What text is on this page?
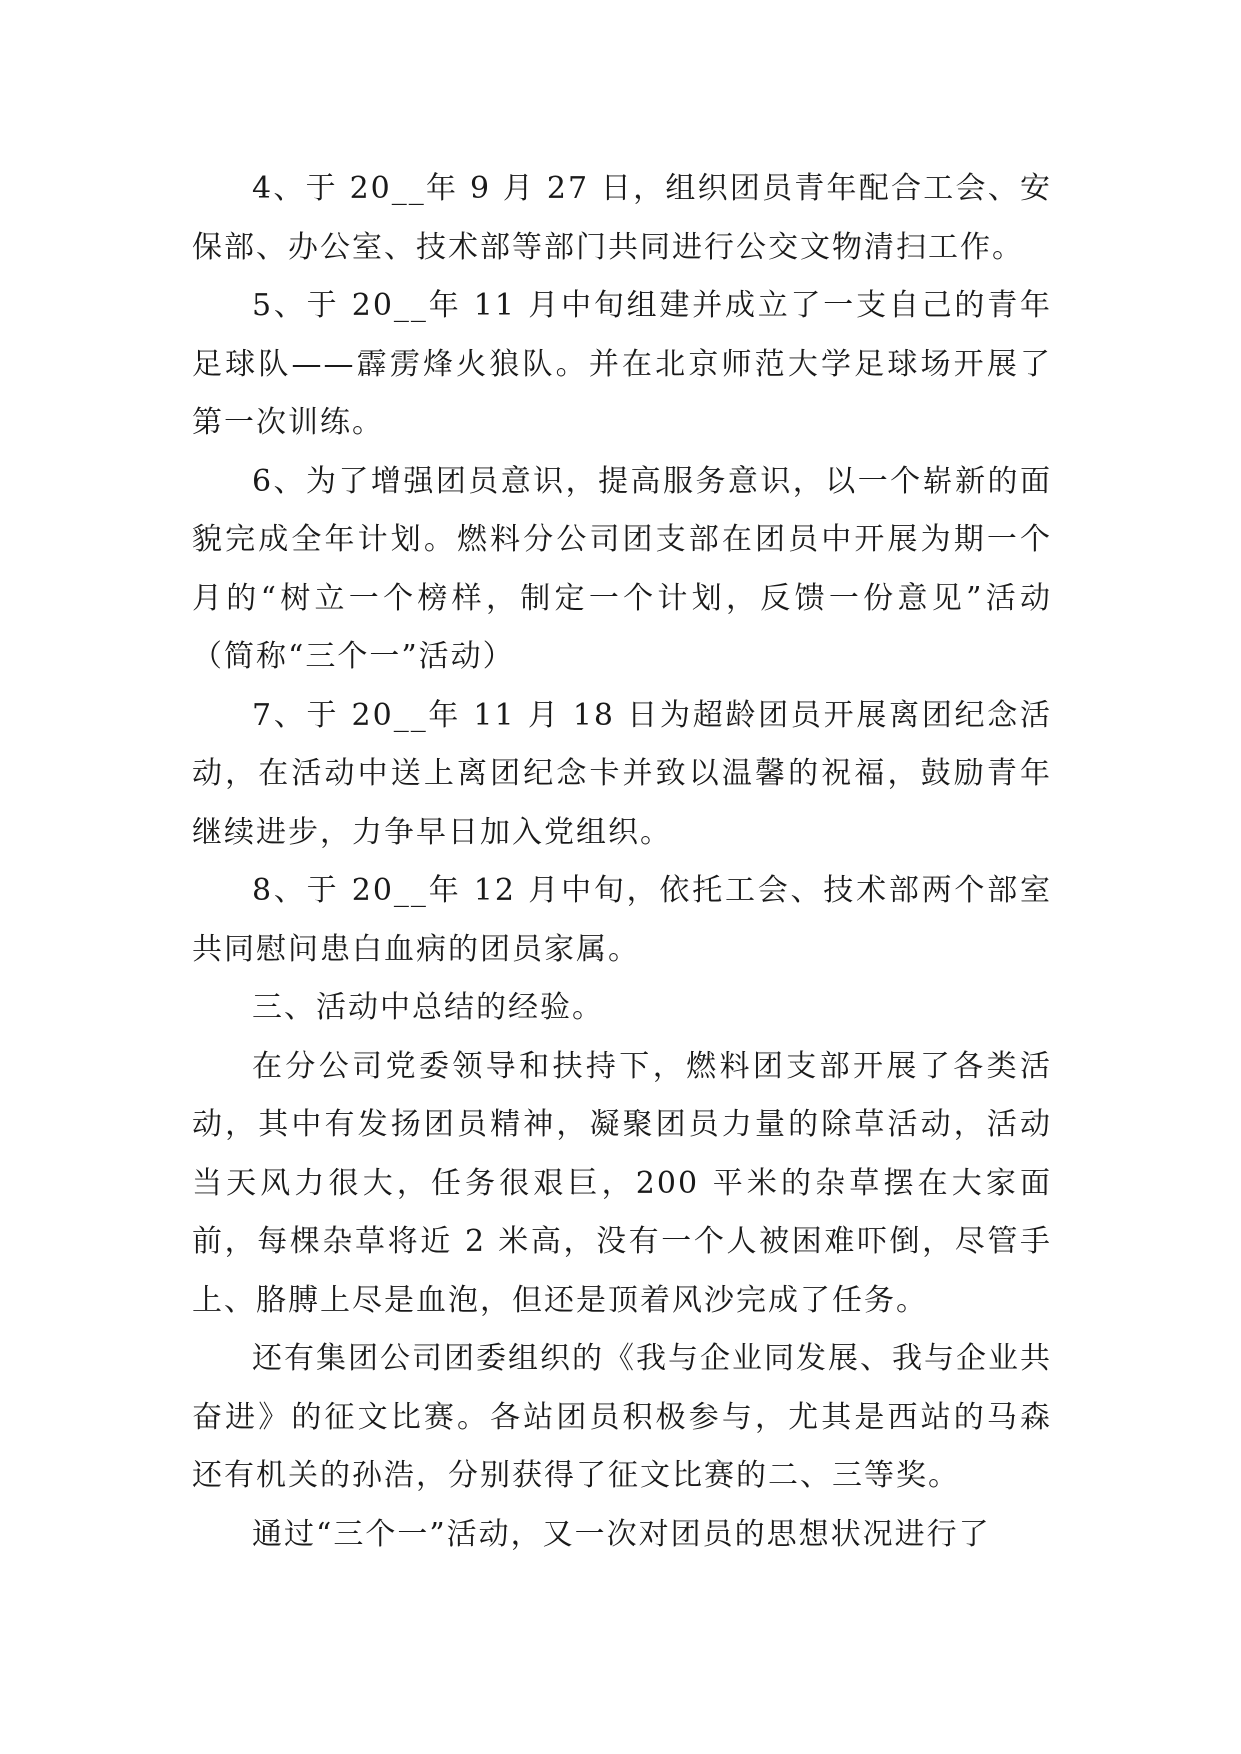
4、于 20__年 9 月 27 日，组织团员青年配合工会、安保部、办公室、技术部等部门共同进行公交文物清扫工作。

5、于 20__年 11 月中旬组建并成立了一支自己的青年足球队——霹雳烽火狼队。并在北京师范大学足球场开展了第一次训练。

6、为了增强团员意识，提高服务意识，以一个崭新的面貌完成全年计划。燃料分公司团支部在团员中开展为期一个月的“树立一个榜样，制定一个计划，反馈一份意见”活动（简称“三个一”活动）

7、于 20__年 11 月 18 日为超龄团员开展离团纪念活动，在活动中送上离团纪念卡并致以温馨的祝福，鼓励青年继续进步，力争早日加入党组织。

8、于 20__年 12 月中旬，依托工会、技术部两个部室共同慰问患白血病的团员家属。

三、活动中总结的经验。

在分公司党委领导和扶持下，燃料团支部开展了各类活动，其中有发扬团员精神，凝聚团员力量的除草活动，活动当天风力很大，任务很艰巨，200 平米的杂草摆在大家面前，每棵杂草将近 2 米高，没有一个人被困难吓倒，尽管手上、胳膊上尽是血泡，但还是顶着风沙完成了任务。

还有集团公司团委组织的《我与企业同发展、我与企业共奋进》的征文比赛。各站团员积极参与，尤其是西站的马森还有机关的孙浩，分别获得了征文比赛的二、三等奖。

通过“三个一”活动，又一次对团员的思想状况进行了
